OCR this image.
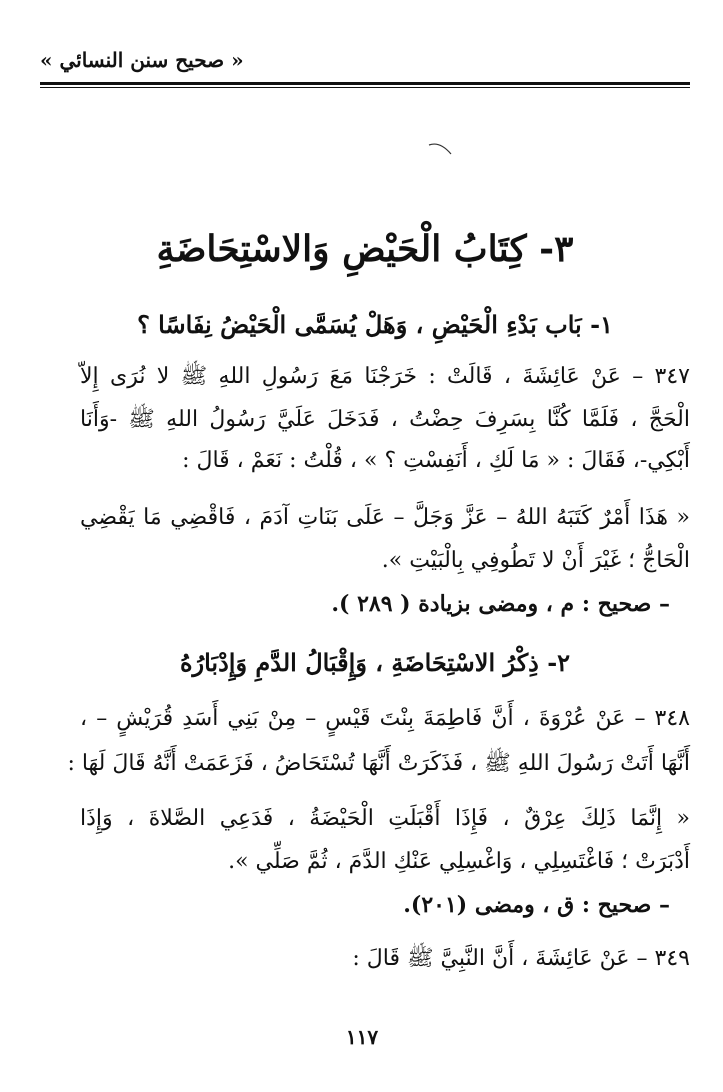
« صحيح سنن النسائي »
٣- كِتَابُ الْحَيْضِ وَالاسْتِحَاضَةِ
١- بَاب بَدْءِ الْحَيْضِ ، وَهَلْ يُسَمَّى الْحَيْضُ نِفَاسًا ؟
٣٤٧ – عَنْ عَائِشَةَ ، قَالَتْ : خَرَجْنَا مَعَ رَسُولِ اللهِ ﷺ لا نُرَى إِلاّ
الْحَجَّ ، فَلَمَّا كُنَّا بِسَرِفَ حِضْتُ ، فَدَخَلَ عَلَيَّ رَسُولُ اللهِ ﷺ -وَأَنَا
أَبْكِي-، فَقَالَ : « مَا لَكِ ، أَنَفِسْتِ ؟ » ، قُلْتُ : نَعَمْ ، قَالَ :
« هَذَا أَمْرٌ كَتَبَهُ اللهُ – عَزَّ وَجَلَّ – عَلَى بَنَاتِ آدَمَ ، فَاقْضِي مَا يَقْضِي
الْحَاجُّ ؛ غَيْرَ أَنْ لا تَطُوفِي بِالْبَيْتِ ».
– صحيح : م ، ومضى بزيادة ( ٢٨٩ ).
٢- ذِكْرُ الاسْتِحَاضَةِ ، وَإِقْبَالُ الدَّمِ وَإِدْبَارُهُ
٣٤٨ – عَنْ عُرْوَةَ ، أَنَّ فَاطِمَةَ بِنْتَ قَيْسٍ – مِنْ بَنِي أَسَدِ قُرَيْشٍ – ،
أَنَّهَا أَتَتْ رَسُولَ اللهِ ﷺ ، فَذَكَرَتْ أَنَّهَا تُسْتَحَاضُ ، فَزَعَمَتْ أَنَّهُ قَالَ لَهَا :
« إِنَّمَا ذَلِكَ عِرْقٌ ، فَإِذَا أَقْبَلَتِ الْحَيْضَةُ ، فَدَعِي الصَّلاةَ ، وَإِذَا
أَدْبَرَتْ ؛ فَاغْتَسِلِي ، وَاغْسِلِي عَنْكِ الدَّمَ ، ثُمَّ صَلِّي ».
– صحيح : ق ، ومضى (٢٠١).
٣٤٩ – عَنْ عَائِشَةَ ، أَنَّ النَّبِيَّ ﷺ قَالَ :
١١٧
